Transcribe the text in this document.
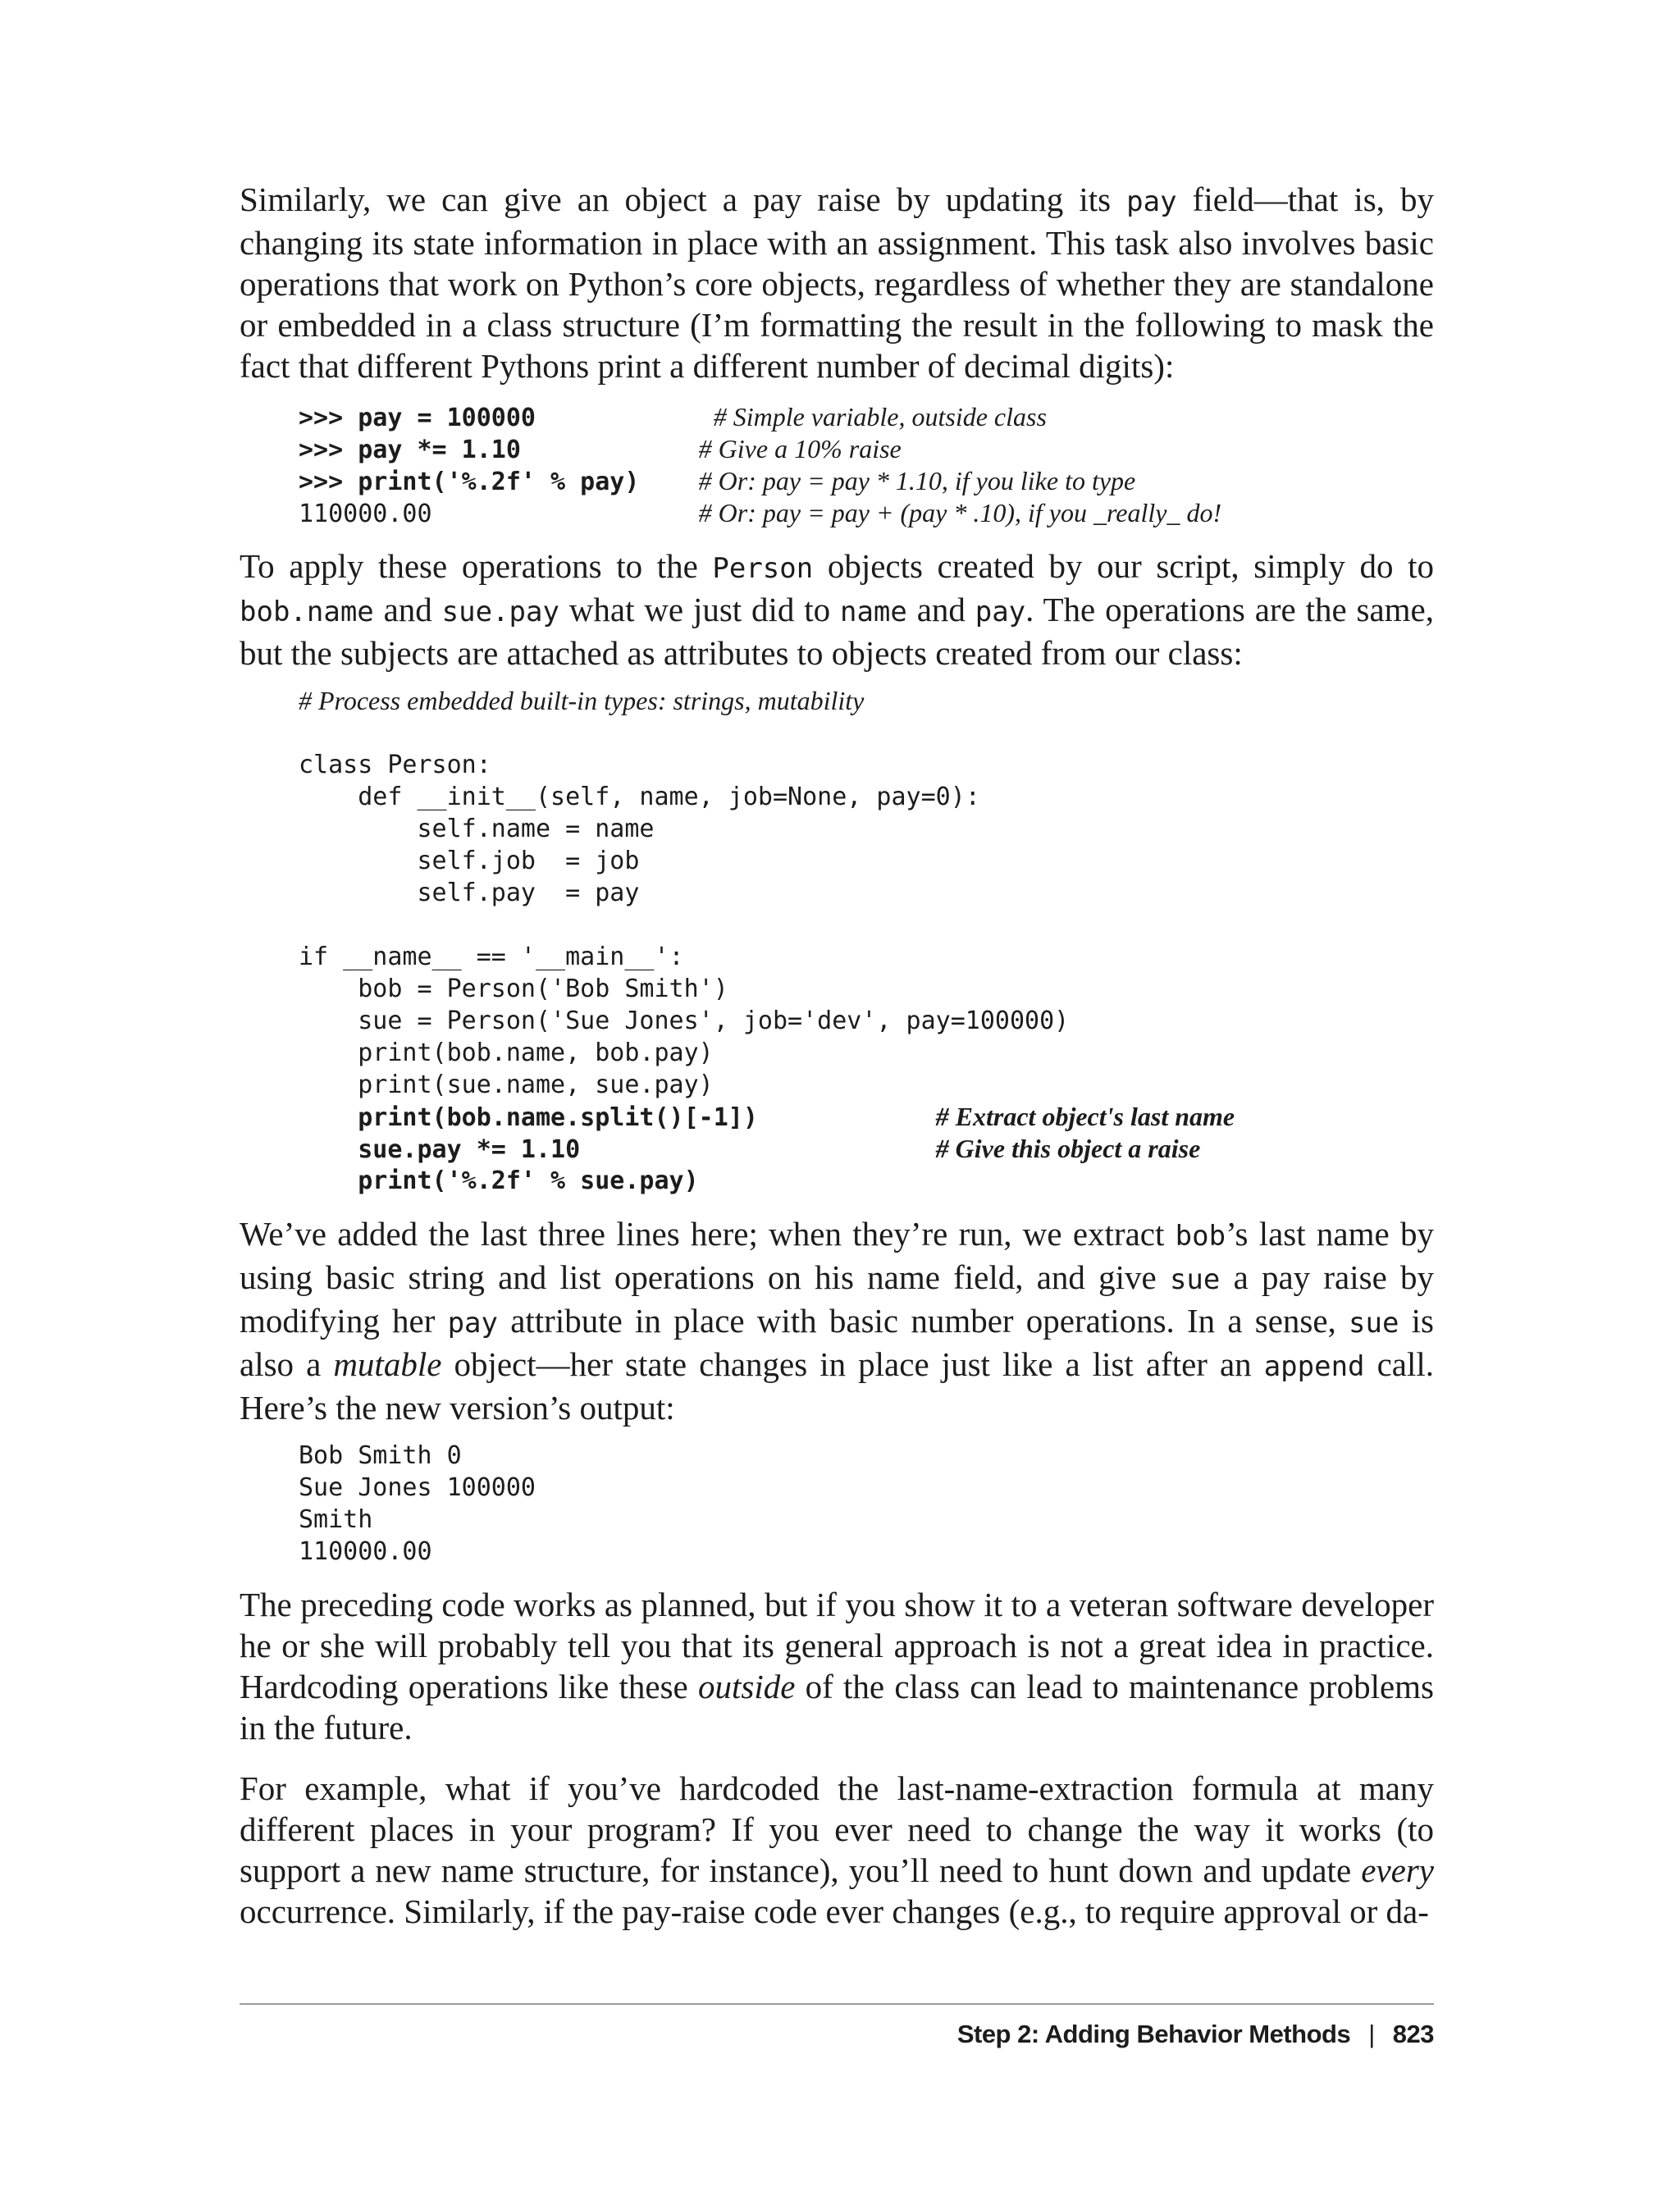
Similarly, we can give an object a pay raise by updating its pay field—that is, by changing its state information in place with an assignment. This task also involves basic operations that work on Python’s core objects, regardless of whether they are standalone or embedded in a class structure (I’m formatting the result in the following to mask the fact that different Pythons print a different number of decimal digits):

>>> pay = 100000            # Simple variable, outside class
>>> pay *= 1.10            # Give a 10% raise
>>> print('%.2f' % pay)    # Or: pay = pay * 1.10, if you like to type
110000.00                  # Or: pay = pay + (pay * .10), if you _really_ do!

To apply these operations to the Person objects created by our script, simply do to bob.name and sue.pay what we just did to name and pay. The operations are the same, but the subjects are attached as attributes to objects created from our class:

# Process embedded built-in types: strings, mutability
class Person:
def __init__(self, name, job=None, pay=0):
self.name = name
self.job  = job
self.pay  = pay
if __name__ == '__main__':
bob = Person('Bob Smith')
sue = Person('Sue Jones', job='dev', pay=100000)
print(bob.name, bob.pay)
print(sue.name, sue.pay)
print(bob.name.split()[-1])            # Extract object's last name
sue.pay *= 1.10                        # Give this object a raise
print('%.2f' % sue.pay)

We’ve added the last three lines here; when they’re run, we extract bob’s last name by using basic string and list operations on his name field, and give sue a pay raise by modifying her pay attribute in place with basic number operations. In a sense, sue is also a mutable object—her state changes in place just like a list after an append call. Here’s the new version’s output:

Bob Smith 0
Sue Jones 100000
Smith
110000.00

The preceding code works as planned, but if you show it to a veteran software developer he or she will probably tell you that its general approach is not a great idea in practice. Hardcoding operations like these outside of the class can lead to maintenance problems in the future.

For example, what if you’ve hardcoded the last-name-extraction formula at many different places in your program? If you ever need to change the way it works (to support a new name structure, for instance), you’ll need to hunt down and update every occurrence. Similarly, if the pay-raise code ever changes (e.g., to require approval or da-

Step 2: Adding Behavior Methods | 823
